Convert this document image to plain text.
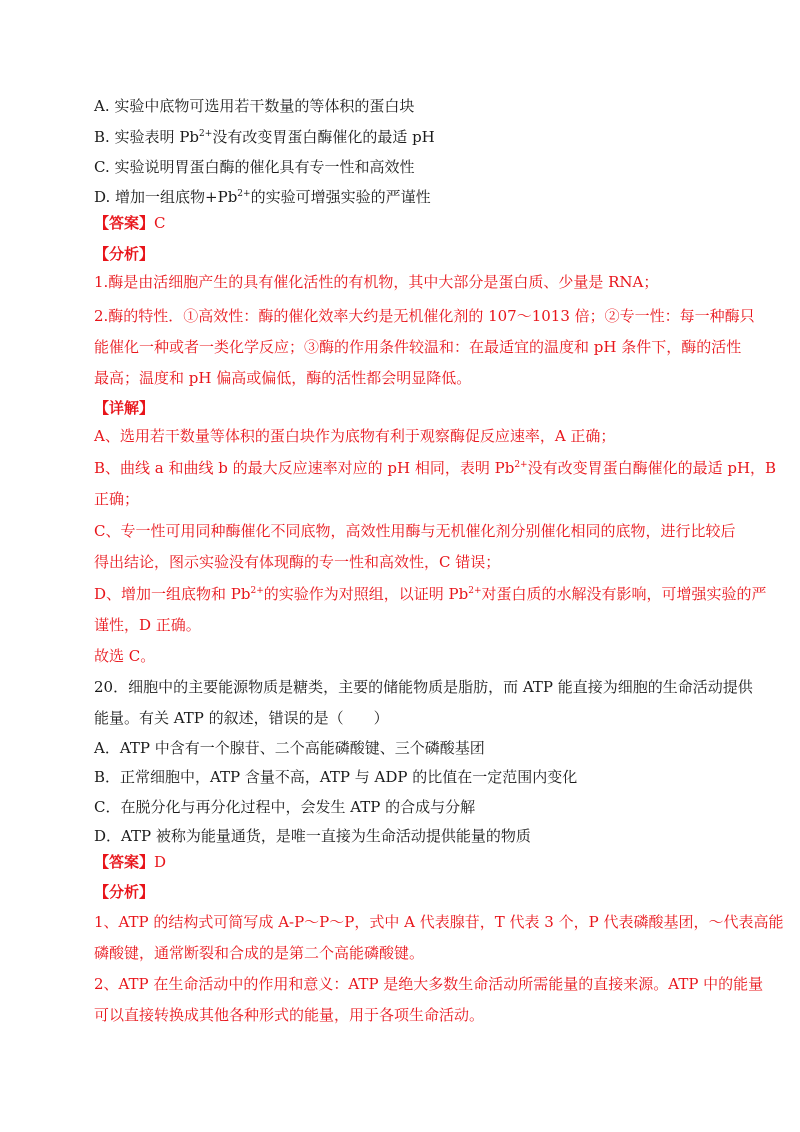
A. 实验中底物可选用若干数量的等体积的蛋白块
B. 实验表明 $Pb^{2+}$没有改变胃蛋白酶催化的最适 pH
C. 实验说明胃蛋白酶的催化具有专一性和高效性
D. 增加一组底物$+Pb^{2+}$的实验可增强实验的严谨性
【答案】C
【分析】
1.酶是由活细胞产生的具有催化活性的有机物，其中大部分是蛋白质、少量是 RNA；
2.酶的特性．①高效性：酶的催化效率大约是无机催化剂的 107～1013 倍；②专一性：每一种酶只
能催化一种或者一类化学反应；③酶的作用条件较温和：在最适宜的温度和 pH 条件下，酶的活性
最高；温度和 pH 偏高或偏低，酶的活性都会明显降低。
【详解】
A、选用若干数量等体积的蛋白块作为底物有利于观察酶促反应速率，A 正确；
B、曲线 a 和曲线 b 的最大反应速率对应的 pH 相同，表明 $Pb^{2+}$没有改变胃蛋白酶催化的最适 pH，B
正确；
C、专一性可用同种酶催化不同底物，高效性用酶与无机催化剂分别催化相同的底物，进行比较后
得出结论，图示实验没有体现酶的专一性和高效性，C 错误；
D、增加一组底物和 $Pb^{2+}$的实验作为对照组，以证明 $Pb^{2+}$对蛋白质的水解没有影响，可增强实验的严
谨性，D 正确。
故选 C。
20．细胞中的主要能源物质是糖类，主要的储能物质是脂肪，而 ATP 能直接为细胞的生命活动提供
能量。有关 ATP 的叙述，错误的是（　　）
A．ATP 中含有一个腺苷、二个高能磷酸键、三个磷酸基团
B．正常细胞中，ATP 含量不高，ATP 与 ADP 的比值在一定范围内变化
C．在脱分化与再分化过程中，会发生 ATP 的合成与分解
D．ATP 被称为能量通货，是唯一直接为生命活动提供能量的物质
【答案】D
【分析】
1、ATP 的结构式可简写成 A-P～P～P，式中 A 代表腺苷，T 代表 3 个，P 代表磷酸基团，～代表高能
磷酸键，通常断裂和合成的是第二个高能磷酸键。
2、ATP 在生命活动中的作用和意义：ATP 是绝大多数生命活动所需能量的直接来源。ATP 中的能量
可以直接转换成其他各种形式的能量，用于各项生命活动。
